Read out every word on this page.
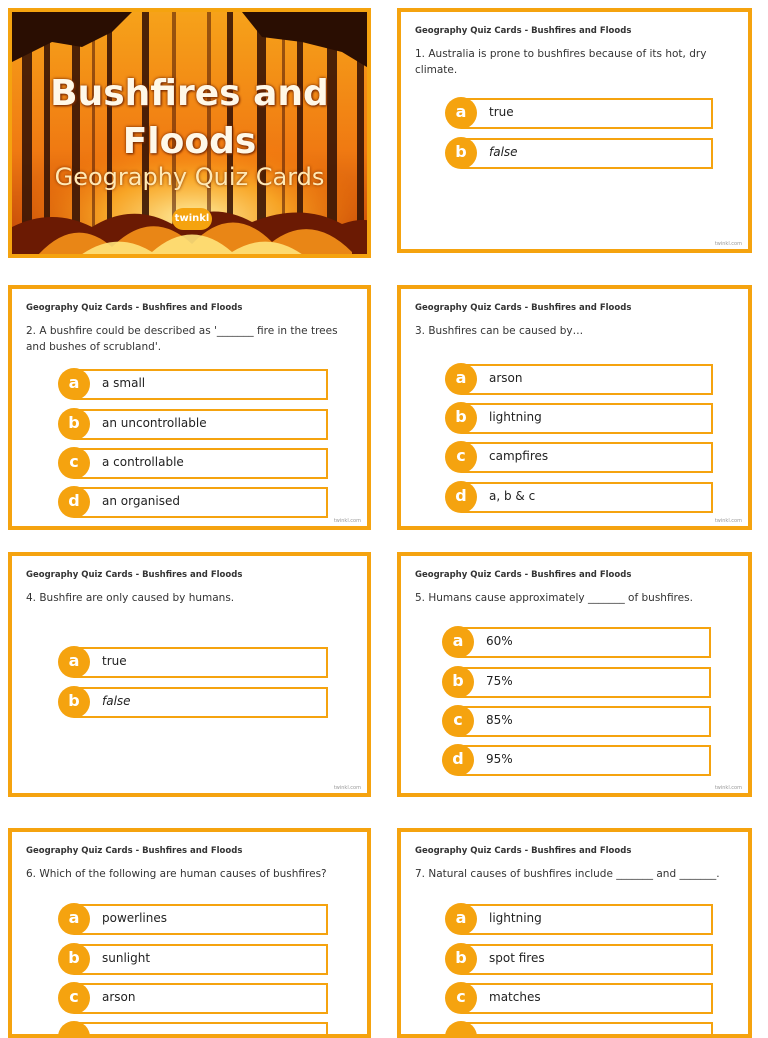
Bushfires and Floods
Geography Quiz Cards
twinkl
Geography Quiz Cards - Bushfires and Floods
1. Australia is prone to bushfires because of its hot, dry climate.
true
a
false
b
twinkl.com
Geography Quiz Cards - Bushfires and Floods
2. A bushfire could be described as '_______ fire in the trees and bushes of scrubland'.
a small
a
an uncontrollable
b
a controllable
c
an organised
d
twinkl.com
Geography Quiz Cards - Bushfires and Floods
3. Bushfires can be caused by…
arson
a
lightning
b
campfires
c
a, b & c
d
twinkl.com
Geography Quiz Cards - Bushfires and Floods
4. Bushfire are only caused by humans.
true
a
false
b
twinkl.com
Geography Quiz Cards - Bushfires and Floods
5. Humans cause approximately _______ of bushfires.
60%
a
75%
b
85%
c
95%
d
twinkl.com
Geography Quiz Cards - Bushfires and Floods
6. Which of the following are human causes of bushfires?
powerlines
a
sunlight
b
arson
c
Geography Quiz Cards - Bushfires and Floods
7. Natural causes of bushfires include _______ and _______.
lightning
a
spot fires
b
matches
c
